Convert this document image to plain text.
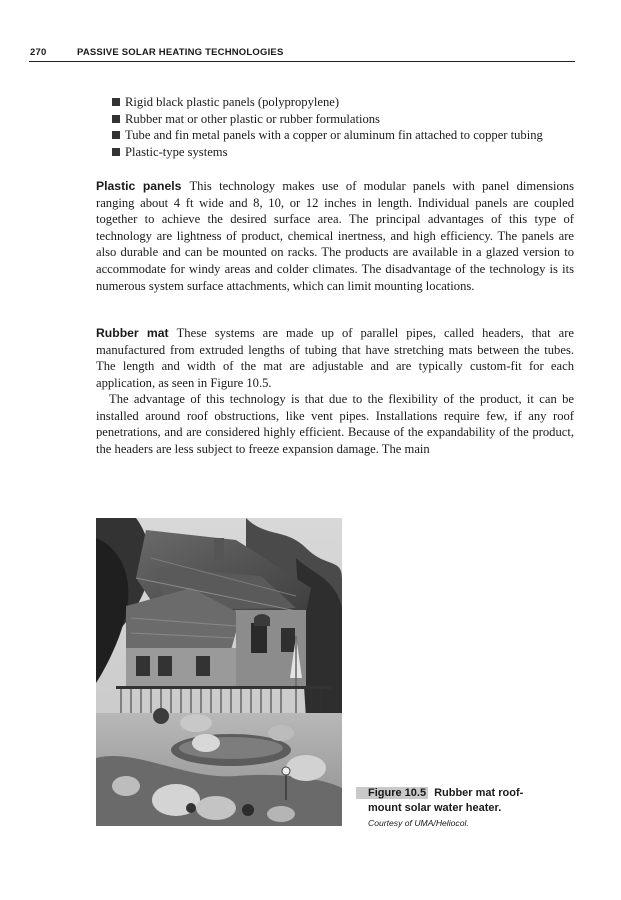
270	PASSIVE SOLAR HEATING TECHNOLOGIES
Rigid black plastic panels (polypropylene)
Rubber mat or other plastic or rubber formulations
Tube and fin metal panels with a copper or aluminum fin attached to copper tubing
Plastic-type systems

Plastic panels This technology makes use of modular panels with panel dimensions ranging about 4 ft wide and 8, 10, or 12 inches in length. Individual panels are coupled together to achieve the desired surface area. The principal advantages of this type of technology are lightness of product, chemical inertness, and high efficiency. The panels are also durable and can be mounted on racks. The products are available in a glazed version to accommodate for windy areas and colder climates. The disadvantage of the technology is its numerous system surface attachments, which can limit mounting locations.

Rubber mat These systems are made up of parallel pipes, called headers, that are manufactured from extruded lengths of tubing that have stretching mats between the tubes. The length and width of the mat are adjustable and are typically custom-fit for each application, as seen in Figure 10.5.

The advantage of this technology is that due to the flexibility of the product, it can be installed around roof obstructions, like vent pipes. Installations require few, if any roof penetrations, and are considered highly efficient. Because of the expandability of the product, the headers are less subject to freeze expansion damage. The main

Figure 10.5 Rubber mat roof-
mount solar water heater.
Courtesy of UMA/Heliocol.
